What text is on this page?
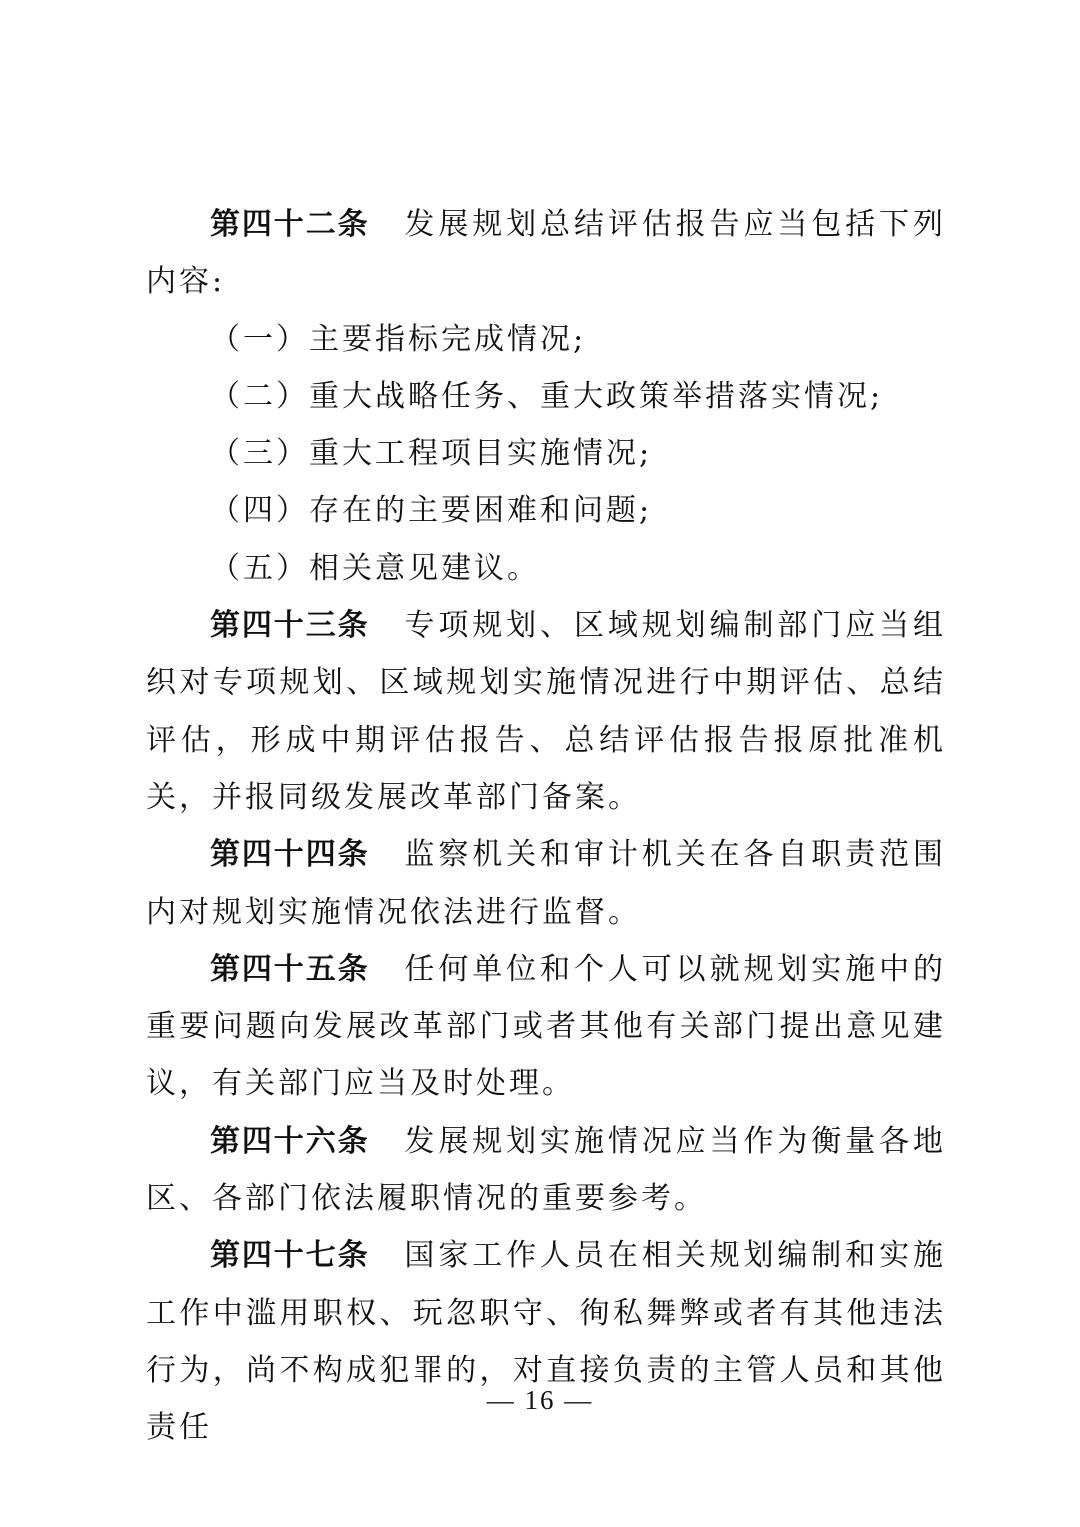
第四十二条 发展规划总结评估报告应当包括下列内容:

（一）主要指标完成情况;

（二）重大战略任务、重大政策举措落实情况;

（三）重大工程项目实施情况;

（四）存在的主要困难和问题;

（五）相关意见建议。

第四十三条 专项规划、区域规划编制部门应当组织对专项规划、区域规划实施情况进行中期评估、总结评估，形成中期评估报告、总结评估报告报原批准机关，并报同级发展改革部门备案。

第四十四条 监察机关和审计机关在各自职责范围内对规划实施情况依法进行监督。

第四十五条 任何单位和个人可以就规划实施中的重要问题向发展改革部门或者其他有关部门提出意见建议，有关部门应当及时处理。

第四十六条 发展规划实施情况应当作为衡量各地区、各部门依法履职情况的重要参考。

第四十七条 国家工作人员在相关规划编制和实施工作中滥用职权、玩忽职守、徇私舞弊或者有其他违法行为，尚不构成犯罪的，对直接负责的主管人员和其他责任

— 16 —
